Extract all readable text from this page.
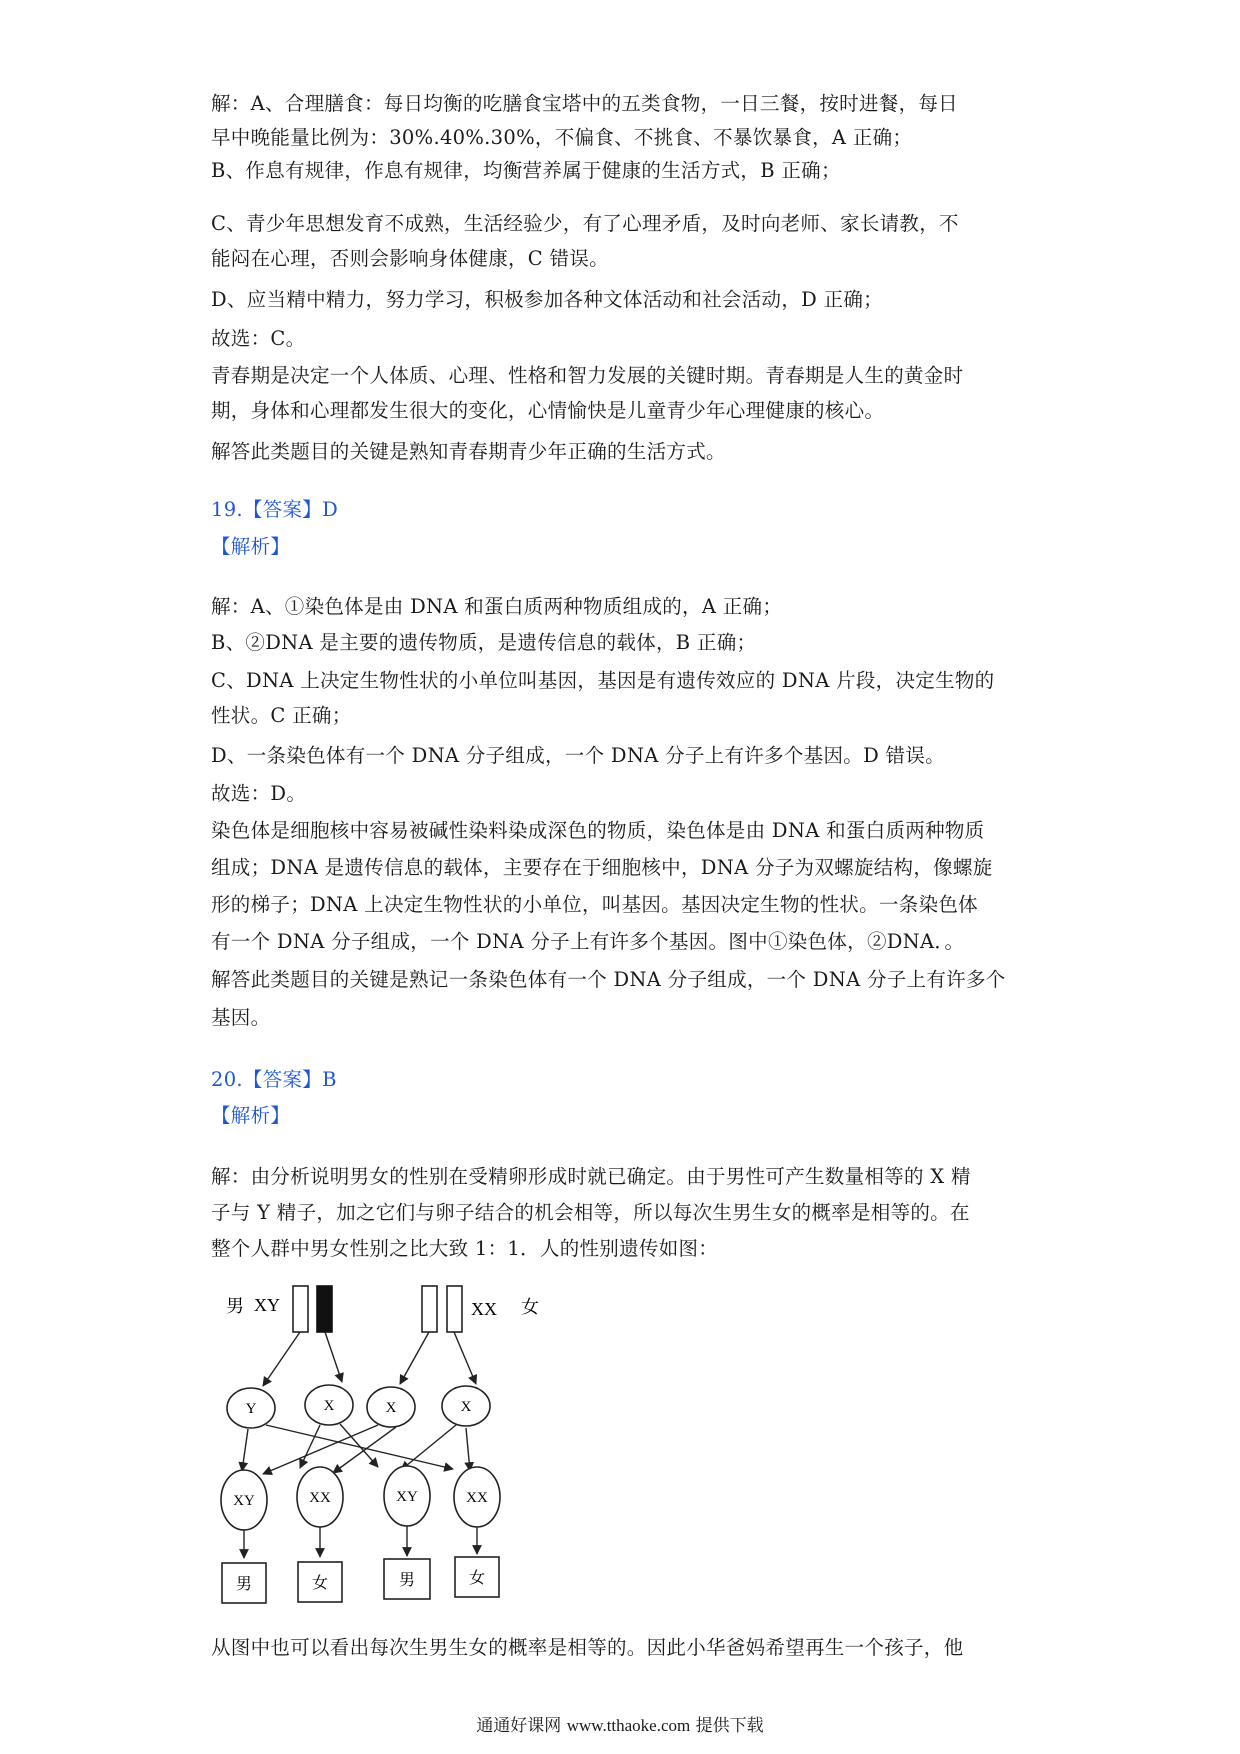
解：A、合理膳食：每日均衡的吃膳食宝塔中的五类食物，一日三餐，按时进餐，每日
早中晚能量比例为：30%.40%.30%，不偏食、不挑食、不暴饮暴食，A 正确；
B、作息有规律，作息有规律，均衡营养属于健康的生活方式，B 正确；
C、青少年思想发育不成熟，生活经验少，有了心理矛盾，及时向老师、家长请教，不
能闷在心理，否则会影响身体健康，C 错误。
D、应当精中精力，努力学习，积极参加各种文体活动和社会活动，D 正确；
故选：C。
青春期是决定一个人体质、心理、性格和智力发展的关键时期。青春期是人生的黄金时
期，身体和心理都发生很大的变化，心情愉快是儿童青少年心理健康的核心。
解答此类题目的关键是熟知青春期青少年正确的生活方式。
19.【答案】D
【解析】
解：A、①染色体是由 DNA 和蛋白质两种物质组成的，A 正确；
B、②DNA 是主要的遗传物质，是遗传信息的载体，B 正确；
C、DNA 上决定生物性状的小单位叫基因，基因是有遗传效应的 DNA 片段，决定生物的
性状。C 正确；
D、一条染色体有一个 DNA 分子组成，一个 DNA 分子上有许多个基因。D 错误。
故选：D。
染色体是细胞核中容易被碱性染料染成深色的物质，染色体是由 DNA 和蛋白质两种物质
组成；DNA 是遗传信息的载体，主要存在于细胞核中，DNA 分子为双螺旋结构，像螺旋
形的梯子；DNA 上决定生物性状的小单位，叫基因。基因决定生物的性状。一条染色体
有一个 DNA 分子组成，一个 DNA 分子上有许多个基因。图中①染色体，②DNA．。
解答此类题目的关键是熟记一条染色体有一个 DNA 分子组成，一个 DNA 分子上有许多个
基因。
20.【答案】B
【解析】
解：由分析说明男女的性别在受精卵形成时就已确定。由于男性可产生数量相等的 X 精
子与 Y 精子，加之它们与卵子结合的机会相等，所以每次生男生女的概率是相等的。在
整个人群中男女性别之比大致 1：1．人的性别遗传如图：
男 XY	XX 女
Y	X	X	X
XY	XX	XY	XX
男	女	男	女
从图中也可以看出每次生男生女的概率是相等的。因此小华爸妈希望再生一个孩子，他
通通好课网 www.tthaoke.com 提供下载
